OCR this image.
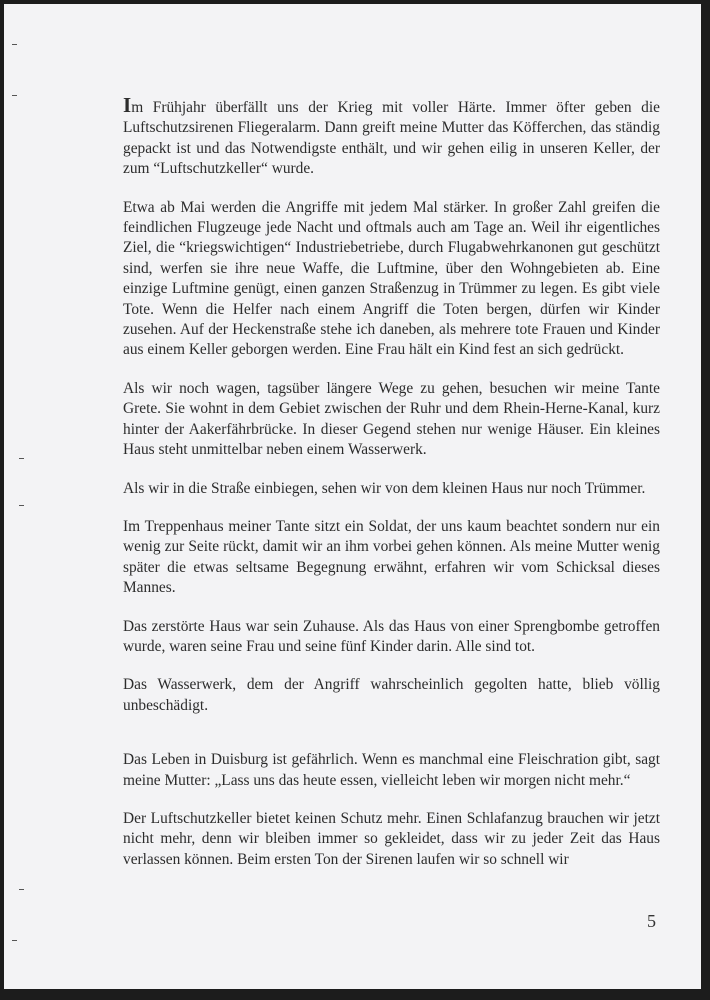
Im Frühjahr überfällt uns der Krieg mit voller Härte. Immer öfter geben die Luftschutzsirenen Fliegeralarm. Dann greift meine Mutter das Köfferchen, das ständig gepackt ist und das Notwendigste enthält, und wir gehen eilig in unseren Keller, der zum “Luftschutzkeller“ wurde.

Etwa ab Mai werden die Angriffe mit jedem Mal stärker. In großer Zahl greifen die feindlichen Flugzeuge jede Nacht und oftmals auch am Tage an. Weil ihr eigentliches Ziel, die “kriegswichtigen“ Industriebetriebe, durch Flugabwehrkanonen gut geschützt sind, werfen sie ihre neue Waffe, die Luftmine, über den Wohngebieten ab. Eine einzige Luftmine genügt, einen ganzen Straßenzug in Trümmer zu legen. Es gibt viele Tote. Wenn die Helfer nach einem Angriff die Toten bergen, dürfen wir Kinder zusehen. Auf der Heckenstraße stehe ich daneben, als mehrere tote Frauen und Kinder aus einem Keller geborgen werden. Eine Frau hält ein Kind fest an sich gedrückt.

Als wir noch wagen, tagsüber längere Wege zu gehen, besuchen wir meine Tante Grete. Sie wohnt in dem Gebiet zwischen der Ruhr und dem Rhein-Herne-Kanal, kurz hinter der Aakerfährbrücke. In dieser Gegend stehen nur wenige Häuser. Ein kleines Haus steht unmittelbar neben einem Wasserwerk.

Als wir in die Straße einbiegen, sehen wir von dem kleinen Haus nur noch Trümmer.

Im Treppenhaus meiner Tante sitzt ein Soldat, der uns kaum beachtet sondern nur ein wenig zur Seite rückt, damit wir an ihm vorbei gehen können. Als meine Mutter wenig später die etwas seltsame Begegnung erwähnt, erfahren wir vom Schicksal dieses Mannes.

Das zerstörte Haus war sein Zuhause. Als das Haus von einer Sprengbombe getroffen wurde, waren seine Frau und seine fünf Kinder darin. Alle sind tot.

Das Wasserwerk, dem der Angriff wahrscheinlich gegolten hatte, blieb völlig unbeschädigt.

Das Leben in Duisburg ist gefährlich. Wenn es manchmal eine Fleischration gibt, sagt meine Mutter: „Lass uns das heute essen, vielleicht leben wir morgen nicht mehr.“

Der Luftschutzkeller bietet keinen Schutz mehr. Einen Schlafanzug brauchen wir jetzt nicht mehr, denn wir bleiben immer so gekleidet, dass wir zu jeder Zeit das Haus verlassen können. Beim ersten Ton der Sirenen laufen wir so schnell wir

5
